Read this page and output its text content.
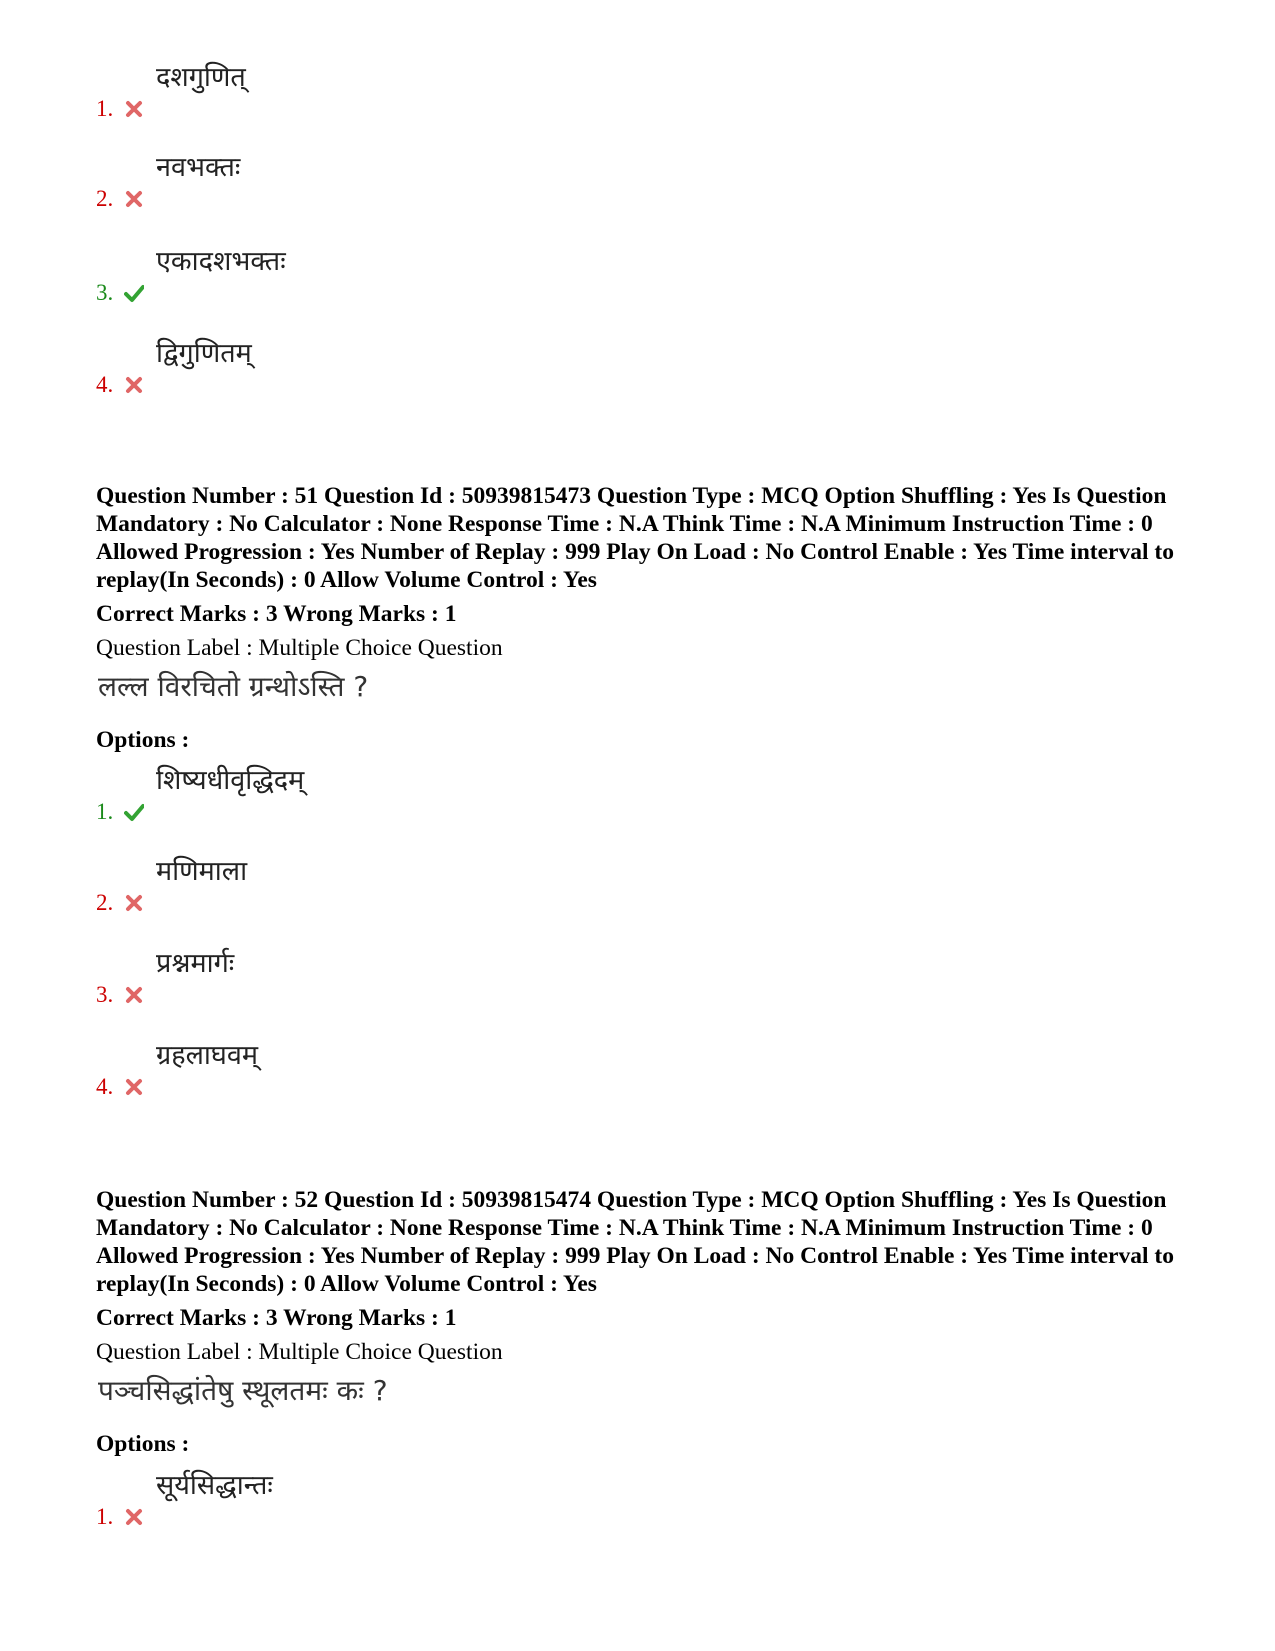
1.
दशगुणित्
2.
नवभक्तः
3.
एकादशभक्तः
4.
द्विगुणितम्

Question Number : 51 Question Id : 50939815473 Question Type : MCQ Option Shuffling : Yes Is Question Mandatory : No Calculator : None Response Time : N.A Think Time : N.A Minimum Instruction Time : 0 Allowed Progression : Yes Number of Replay : 999 Play On Load : No Control Enable : Yes Time interval to replay(In Seconds) : 0 Allow Volume Control : Yes

Correct Marks : 3 Wrong Marks : 1

Question Label : Multiple Choice Question

लल्ल विरचितो ग्रन्थोऽस्ति ?

Options :

1.
शिष्यधीवृद्धिदम्
2.
मणिमाला
3.
प्रश्नमार्गः
4.
ग्रहलाघवम्

Question Number : 52 Question Id : 50939815474 Question Type : MCQ Option Shuffling : Yes Is Question Mandatory : No Calculator : None Response Time : N.A Think Time : N.A Minimum Instruction Time : 0 Allowed Progression : Yes Number of Replay : 999 Play On Load : No Control Enable : Yes Time interval to replay(In Seconds) : 0 Allow Volume Control : Yes

Correct Marks : 3 Wrong Marks : 1

Question Label : Multiple Choice Question

पञ्चसिद्धांतेषु स्थूलतमः कः ?

Options :

1.
सूर्यसिद्धान्तः
